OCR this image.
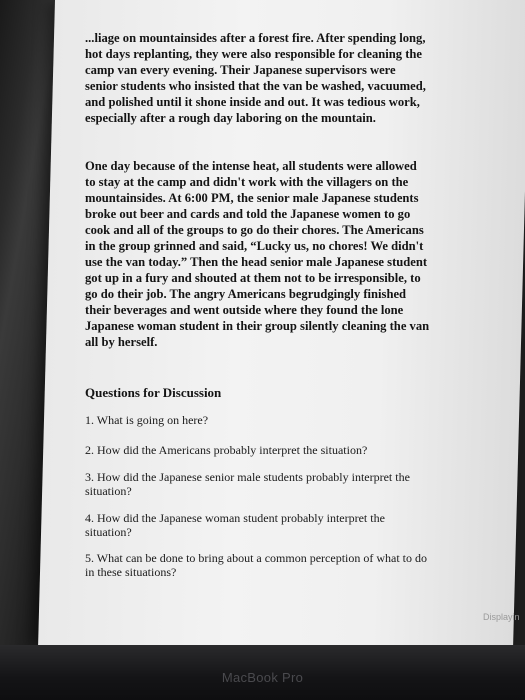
...liage on mountainsides after a forest fire. After spending long, hot days replanting, they were also responsible for cleaning the camp van every evening. Their Japanese supervisors were senior students who insisted that the van be washed, vacuumed, and polished until it shone inside and out. It was tedious work, especially after a rough day laboring on the mountain.

One day because of the intense heat, all students were allowed to stay at the camp and didn't work with the villagers on the mountainsides. At 6:00 PM, the senior male Japanese students broke out beer and cards and told the Japanese women to go cook and all of the groups to go do their chores. The Americans in the group grinned and said, “Lucky us, no chores! We didn't use the van today.” Then the head senior male Japanese student got up in a fury and shouted at them not to be irresponsible, to go do their job. The angry Americans begrudgingly finished their beverages and went outside where they found the lone Japanese woman student in their group silently cleaning the van all by herself.

Questions for Discussion

1. What is going on here?

2. How did the Americans probably interpret the situation?

3. How did the Japanese senior male students probably interpret the situation?

4. How did the Japanese woman student probably interpret the situation?

5. What can be done to bring about a common perception of what to do in these situations?

Displayin
MacBook Pro
